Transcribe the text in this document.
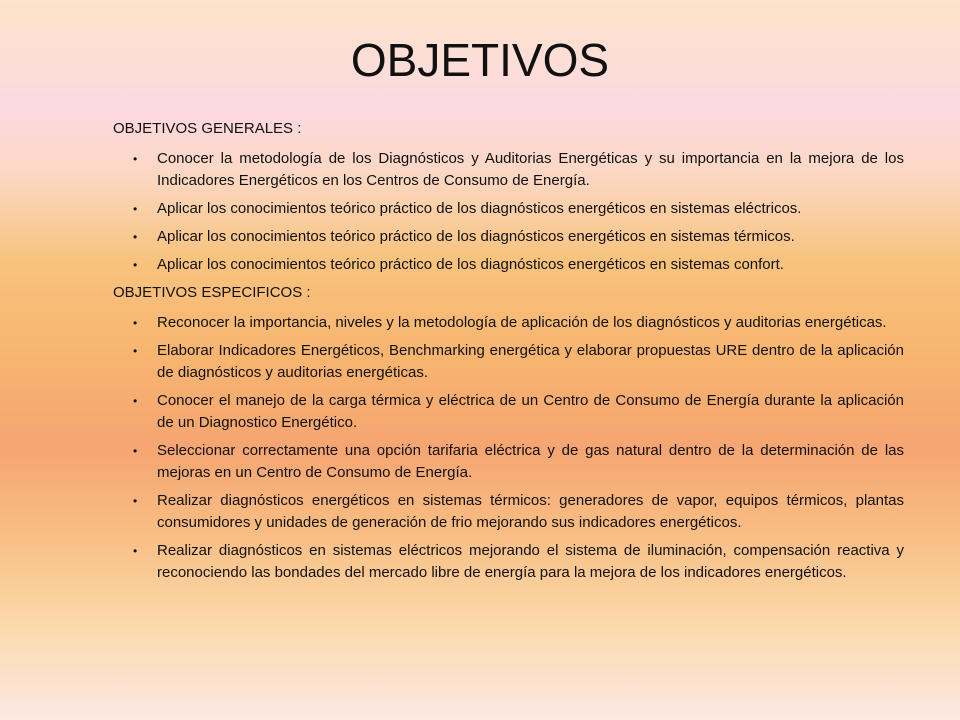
OBJETIVOS
OBJETIVOS GENERALES :
• Conocer la metodología de los Diagnósticos y Auditorias Energéticas y su importancia en la mejora de los Indicadores Energéticos en los Centros de Consumo de Energía.
• Aplicar los conocimientos teórico práctico de los diagnósticos energéticos en sistemas eléctricos.
• Aplicar los conocimientos teórico práctico de los diagnósticos energéticos en sistemas térmicos.
• Aplicar los conocimientos teórico práctico de los diagnósticos energéticos en sistemas confort.
OBJETIVOS ESPECIFICOS :
• Reconocer la importancia, niveles y la metodología de aplicación de los diagnósticos y auditorias energéticas.
• Elaborar Indicadores Energéticos, Benchmarking energética y elaborar propuestas URE dentro de la aplicación de diagnósticos y auditorias energéticas.
• Conocer el manejo de la carga térmica y eléctrica de un Centro de Consumo de Energía durante la aplicación de un Diagnostico Energético.
• Seleccionar correctamente una opción tarifaria eléctrica y de gas natural dentro de la determinación de las mejoras en un Centro de Consumo de Energía.
• Realizar diagnósticos energéticos en sistemas térmicos: generadores de vapor, equipos térmicos, plantas consumidores y unidades de generación de frio mejorando sus indicadores energéticos.
• Realizar diagnósticos en sistemas eléctricos mejorando el sistema de iluminación, compensación reactiva y reconociendo las bondades del mercado libre de energía para la mejora de los indicadores energéticos.
